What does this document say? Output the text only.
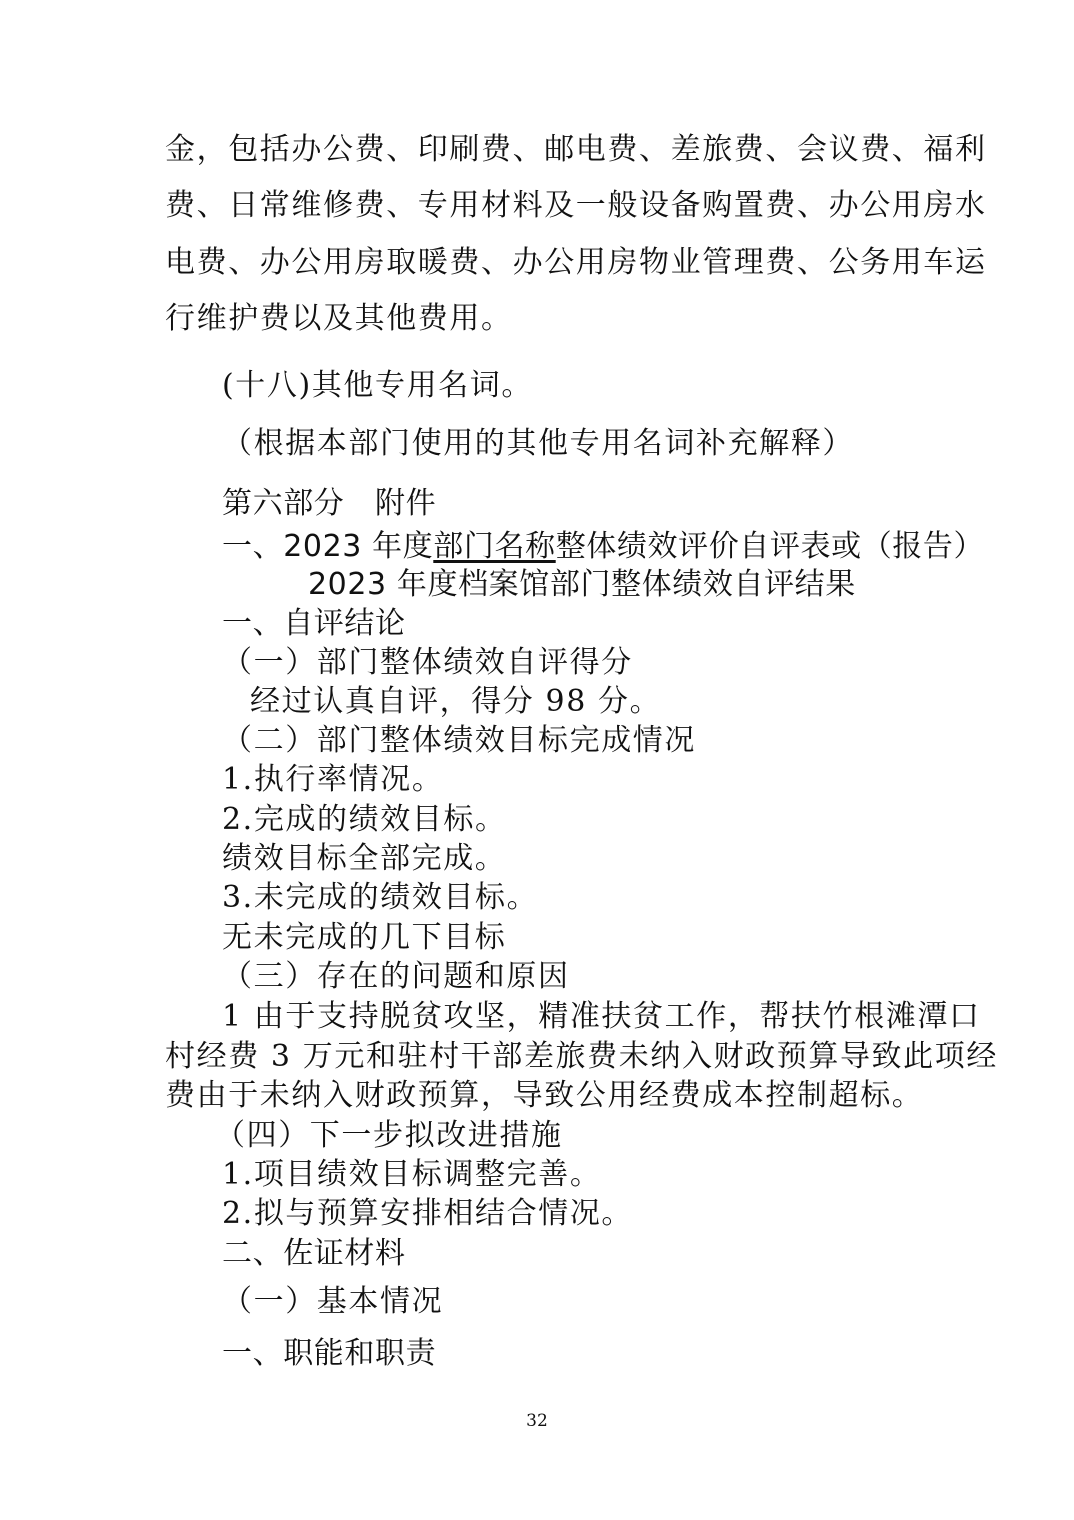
金，包括办公费、印刷费、邮电费、差旅费、会议费、福利
费、日常维修费、专用材料及一般设备购置费、办公用房水
电费、办公用房取暖费、办公用房物业管理费、公务用车运
行维护费以及其他费用。
(十八)其他专用名词。
（根据本部门使用的其他专用名词补充解释）
第六部分　附件
一、2023 年度部门名称整体绩效评价自评表或（报告）
2023 年度档案馆部门整体绩效自评结果
一、自评结论
（一）部门整体绩效自评得分
经过认真自评，得分 98 分。
（二）部门整体绩效目标完成情况
1.执行率情况。
2.完成的绩效目标。
绩效目标全部完成。
3.未完成的绩效目标。
无未完成的几下目标
（三）存在的问题和原因
1 由于支持脱贫攻坚，精准扶贫工作，帮扶竹根滩潭口
村经费 3 万元和驻村干部差旅费未纳入财政预算导致此项经
费由于未纳入财政预算，导致公用经费成本控制超标。
（四）下一步拟改进措施
1.项目绩效目标调整完善。
2.拟与预算安排相结合情况。
二、佐证材料
（一）基本情况
一、职能和职责
32
